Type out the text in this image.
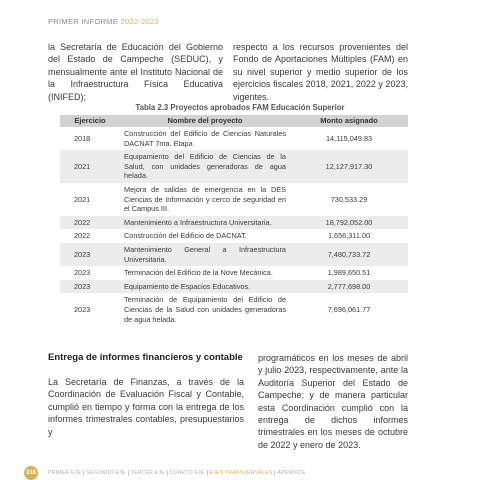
PRIMER INFORME 2022-2023

la Secretaría de Educación del Gobierno del Estado de Campeche (SEDUC), y mensualmente ante el Instituto Nacional de la Infraestructura Física Educativa (INIFED);

respecto a los recursos provenientes del Fondo de Aportaciones Múltiples (FAM) en su nivel superior y medio superior de los ejercicios fiscales 2018, 2021, 2022 y 2023, vigentes.

Tabla 2.3 Proyectos aprobados FAM Educación Superior
Ejercicio	Nombre del proyecto	Monto asignado
2018	Construcción del Edificio de Ciencias Naturales DACNAT 7ma. Etapa	14,115,049.83
2021	Equipamiento del Edificio de Ciencias de la Salud, con unidades generadoras de agua helada.	12,127,917.30
2021	Mejora de salidas de emergencia en la DES Ciencias de Información y cerco de seguridad en el Campus III.	730,533.29
2022	Mantenimiento a Infraestructura Universitaria.	18,792,052.00
2022	Construcción del Edificio de DACNAT.	1,656,311.00
2023	Mantenimiento General a Infraestructura Universitaria.	7,480,733.72
2023	Terminación del Edificio de la Nove Mecánica.	1,989,650.51
2023	Equipamiento de Espacios Educativos.	2,777,698.00
2023	Terminación de Equipamiento del Edificio de Ciencias de la Salud con unidades generadoras de agua helada.	7,696,061.77
Entrega de informes financieros y contable

La Secretaría de Finanzas, a través de la Coordinación de Evaluación Fiscal y Contable, cumplió en tiempo y forma con la entrega de los informes trimestrales contables, presupuestarios y

programáticos en los meses de abril y julio 2023, respectivamente, ante la Auditoría Superior del Estado de Campeche; y de manera particular esta Coordinación cumplió con la entrega de dichos informes trimestrales en los meses de octubre de 2022 y enero de 2023.

316	PRIMER EJE SEGUNDO EJE TERCER EJE CUARTO EJE EJES TRANSVERSALES APÉNDICE
